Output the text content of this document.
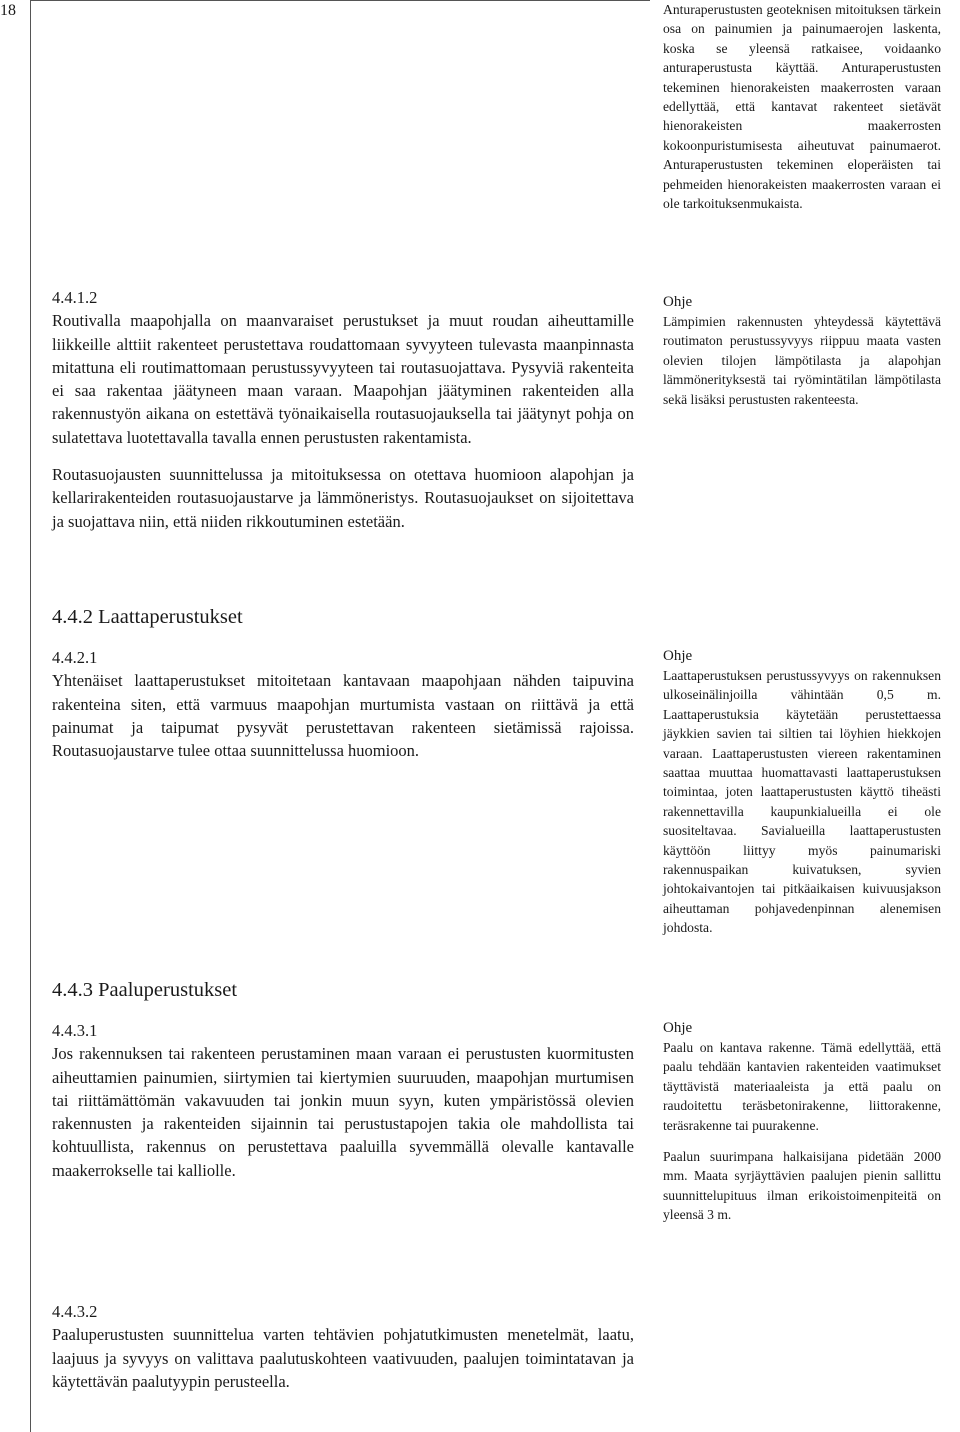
18	Anturaperustusten geoteknisen mitoituksen tärkein osa on painumien ja painumaerojen laskenta, koska se yleensä ratkaisee, voidaanko anturaperustusta käyttää. Anturaperustusten tekeminen hienorakeisten maakerrosten varaan edellyttää, että kantavat rakenteet sietävät hienorakeisten maakerrosten kokoonpuristumisesta aiheutuvat painumaerot. Anturaperustusten tekeminen eloperäisten tai pehmeiden hienorakeisten maakerrosten varaan ei ole tarkoituksenmukaista.

4.4.1.2

Routivalla maapohjalla on maanvaraiset perustukset ja muut roudan aiheuttamille liikkeille alttiit rakenteet perustettava roudattomaan syvyyteen tulevasta maanpinnasta mitattuna eli routimattomaan perustussyvyyteen tai routasuojattava. Pysyviä rakenteita ei saa rakentaa jäätyneen maan varaan. Maapohjan jäätyminen rakenteiden alla rakennustyön aikana on estettävä työnaikaisella routasuojauksella tai jäätynyt pohja on sulatettava luotettavalla tavalla ennen perustusten rakentamista.

Routasuojausten suunnittelussa ja mitoituksessa on otettava huomioon alapohjan ja kellarirakenteiden routasuojaustarve ja lämmöneristys. Routasuojaukset on sijoitettava ja suojattava niin, että niiden rikkoutuminen estetään.

Ohje

Lämpimien rakennusten yhteydessä käytettävä routimaton perustussyvyys riippuu maata vasten olevien tilojen lämpötilasta ja alapohjan lämmönerityksestä tai ryömintätilan lämpötilasta sekä lisäksi perustusten rakenteesta.

4.4.2 Laattaperustukset

4.4.2.1

Yhtenäiset laattaperustukset mitoitetaan kantavaan maapohjaan nähden taipuvina rakenteina siten, että varmuus maapohjan murtumista vastaan on riittävä ja että painumat ja taipumat pysyvät perustettavan rakenteen sietämissä rajoissa. Routasuojaustarve tulee ottaa suunnittelussa huomioon.

Ohje

Laattaperustuksen perustussyvyys on rakennuksen ulkoseinälinjoilla vähintään 0,5 m. Laattaperustuksia käytetään perustettaessa jäykkien savien tai siltien tai löyhien hiekkojen varaan. Laattaperustusten viereen rakentaminen saattaa muuttaa huomattavasti laattaperustuksen toimintaa, joten laattaperustusten käyttö tiheästi rakennettavilla kaupunkialueilla ei ole suositeltavaa. Savialueilla laattaperustusten käyttöön liittyy myös painumariski rakennuspaikan kuivatuksen, syvien johtokaivantojen tai pitkäaikaisen kuivuusjakson aiheuttaman pohjavedenpinnan alenemisen johdosta.

4.4.3 Paaluperustukset

4.4.3.1

Jos rakennuksen tai rakenteen perustaminen maan varaan ei perustusten kuormitusten aiheuttamien painumien, siirtymien tai kiertymien suuruuden, maapohjan murtumisen tai riittämättömän vakavuuden tai jonkin muun syyn, kuten ympäristössä olevien rakennusten ja rakenteiden sijainnin tai perustustapojen takia ole mahdollista tai kohtuullista, rakennus on perustettava paaluilla syvemmällä olevalle kantavalle maakerrokselle tai kalliolle.

Ohje

Paalu on kantava rakenne. Tämä edellyttää, että paalu tehdään kantavien rakenteiden vaatimukset täyttävistä materiaaleista ja että paalu on raudoitettu teräsbetonirakenne, liittorakenne, teräsrakenne tai puurakenne.

Paalun suurimpana halkaisijana pidetään 2000 mm. Maata syrjäyttävien paalujen pienin sallittu suunnittelupituus ilman erikoistoimenpiteitä on yleensä 3 m.

4.4.3.2

Paaluperustusten suunnittelua varten tehtävien pohjatutkimusten menetelmät, laatu, laajuus ja syvyys on valittava paalutuskohteen vaativuuden, paalujen toimintatavan ja käytettävän paalutyypin perusteella.
